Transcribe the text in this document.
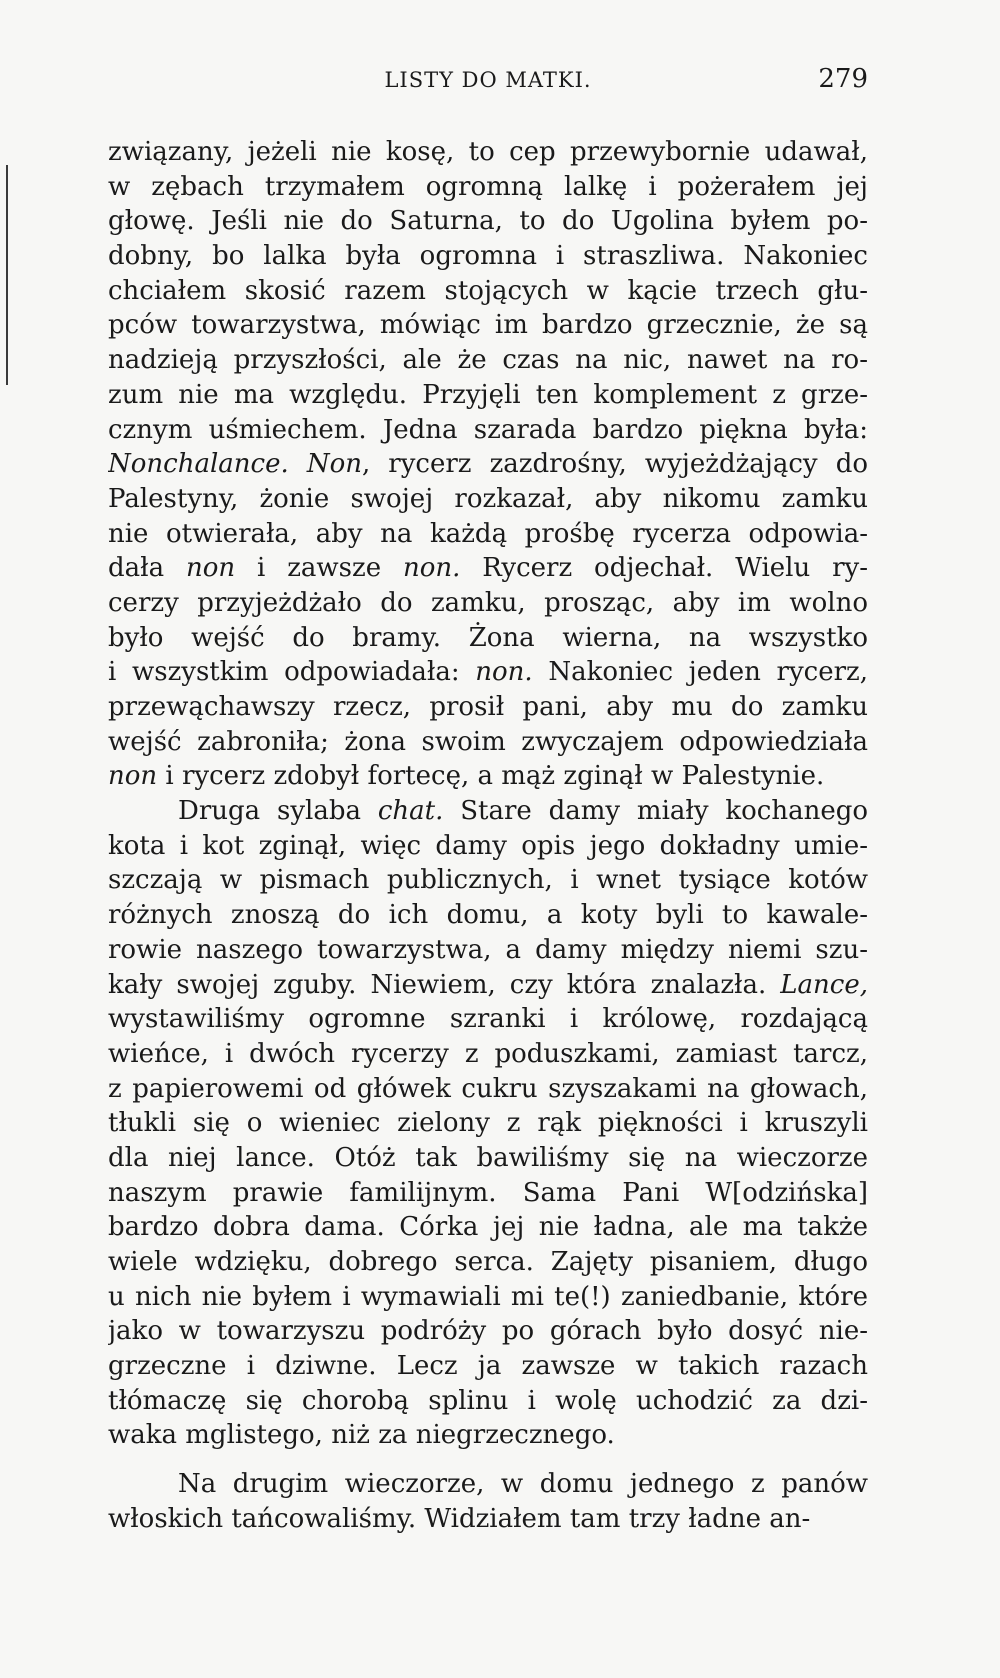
LISTY DO MATKI.	279
związany, jeżeli nie kosę, to cep przewybornie udawał,
w zębach trzymałem ogromną lalkę i pożerałem jej
głowę. Jeśli nie do Saturna, to do Ugolina byłem po-
dobny, bo lalka była ogromna i straszliwa. Nakoniec
chciałem skosić razem stojących w kącie trzech głu-
pców towarzystwa, mówiąc im bardzo grzecznie, że są
nadzieją przyszłości, ale że czas na nic, nawet na ro-
zum nie ma względu. Przyjęli ten komplement z grze-
cznym uśmiechem. Jedna szarada bardzo piękna była:
Nonchalance. Non, rycerz zazdrośny, wyjeżdżający do
Palestyny, żonie swojej rozkazał, aby nikomu zamku
nie otwierała, aby na każdą prośbę rycerza odpowia-
dała non i zawsze non. Rycerz odjechał. Wielu ry-
cerzy przyjeżdżało do zamku, prosząc, aby im wolno
było wejść do bramy. Żona wierna, na wszystko
i wszystkim odpowiadała: non. Nakoniec jeden rycerz,
przewąchawszy rzecz, prosił pani, aby mu do zamku
wejść zabroniła; żona swoim zwyczajem odpowiedziała
non i rycerz zdobył fortecę, a mąż zginął w Palestynie.
Druga sylaba chat. Stare damy miały kochanego
kota i kot zginął, więc damy opis jego dokładny umie-
szczają w pismach publicznych, i wnet tysiące kotów
różnych znoszą do ich domu, a koty byli to kawale-
rowie naszego towarzystwa, a damy między niemi szu-
kały swojej zguby. Niewiem, czy która znalazła. Lance,
wystawiliśmy ogromne szranki i królowę, rozdającą
wieńce, i dwóch rycerzy z poduszkami, zamiast tarcz,
z papierowemi od główek cukru szyszakami na głowach,
tłukli się o wieniec zielony z rąk piękności i kruszyli
dla niej lance. Otóż tak bawiliśmy się na wieczorze
naszym prawie familijnym. Sama Pani W[odzińska]
bardzo dobra dama. Córka jej nie ładna, ale ma także
wiele wdzięku, dobrego serca. Zajęty pisaniem, długo
u nich nie byłem i wymawiali mi te(!) zaniedbanie, które
jako w towarzyszu podróży po górach było dosyć nie-
grzeczne i dziwne. Lecz ja zawsze w takich razach
tłómaczę się chorobą splinu i wolę uchodzić za dzi-
waka mglistego, niż za niegrzecznego.
Na drugim wieczorze, w domu jednego z panów
włoskich tańcowaliśmy. Widziałem tam trzy ładne an-
